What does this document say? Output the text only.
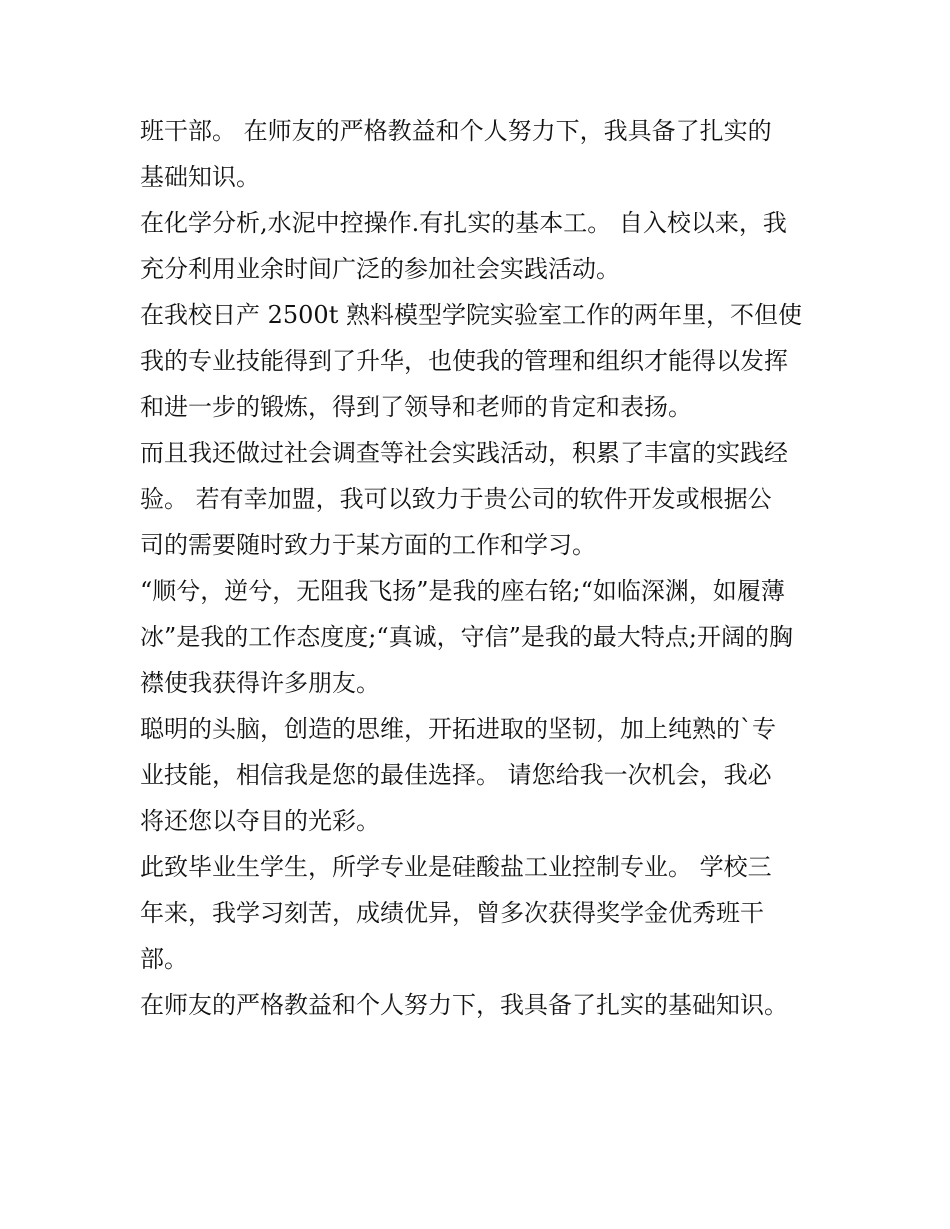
班干部。 在师友的严格教益和个人努力下，我具备了扎实的
基础知识。

在化学分析,水泥中控操作.有扎实的基本工。 自入校以来，我
充分利用业余时间广泛的参加社会实践活动。

在我校日产 2500t 熟料模型学院实验室工作的两年里，不但使
我的专业技能得到了升华，也使我的管理和组织才能得以发挥
和进一步的锻炼，得到了领导和老师的肯定和表扬。

而且我还做过社会调查等社会实践活动，积累了丰富的实践经
验。 若有幸加盟，我可以致力于贵公司的软件开发或根据公
司的需要随时致力于某方面的工作和学习。

“顺兮，逆兮，无阻我飞扬”是我的座右铭;“如临深渊，如履薄
冰”是我的工作态度度;“真诚，守信”是我的最大特点;开阔的胸
襟使我获得许多朋友。

聪明的头脑，创造的思维，开拓进取的坚韧，加上纯熟的`专
业技能，相信我是您的最佳选择。 请您给我一次机会，我必
将还您以夺目的光彩。

此致毕业生学生，所学专业是硅酸盐工业控制专业。 学校三
年来，我学习刻苦，成绩优异，曾多次获得奖学金优秀班干
部。

在师友的严格教益和个人努力下，我具备了扎实的基础知识。
